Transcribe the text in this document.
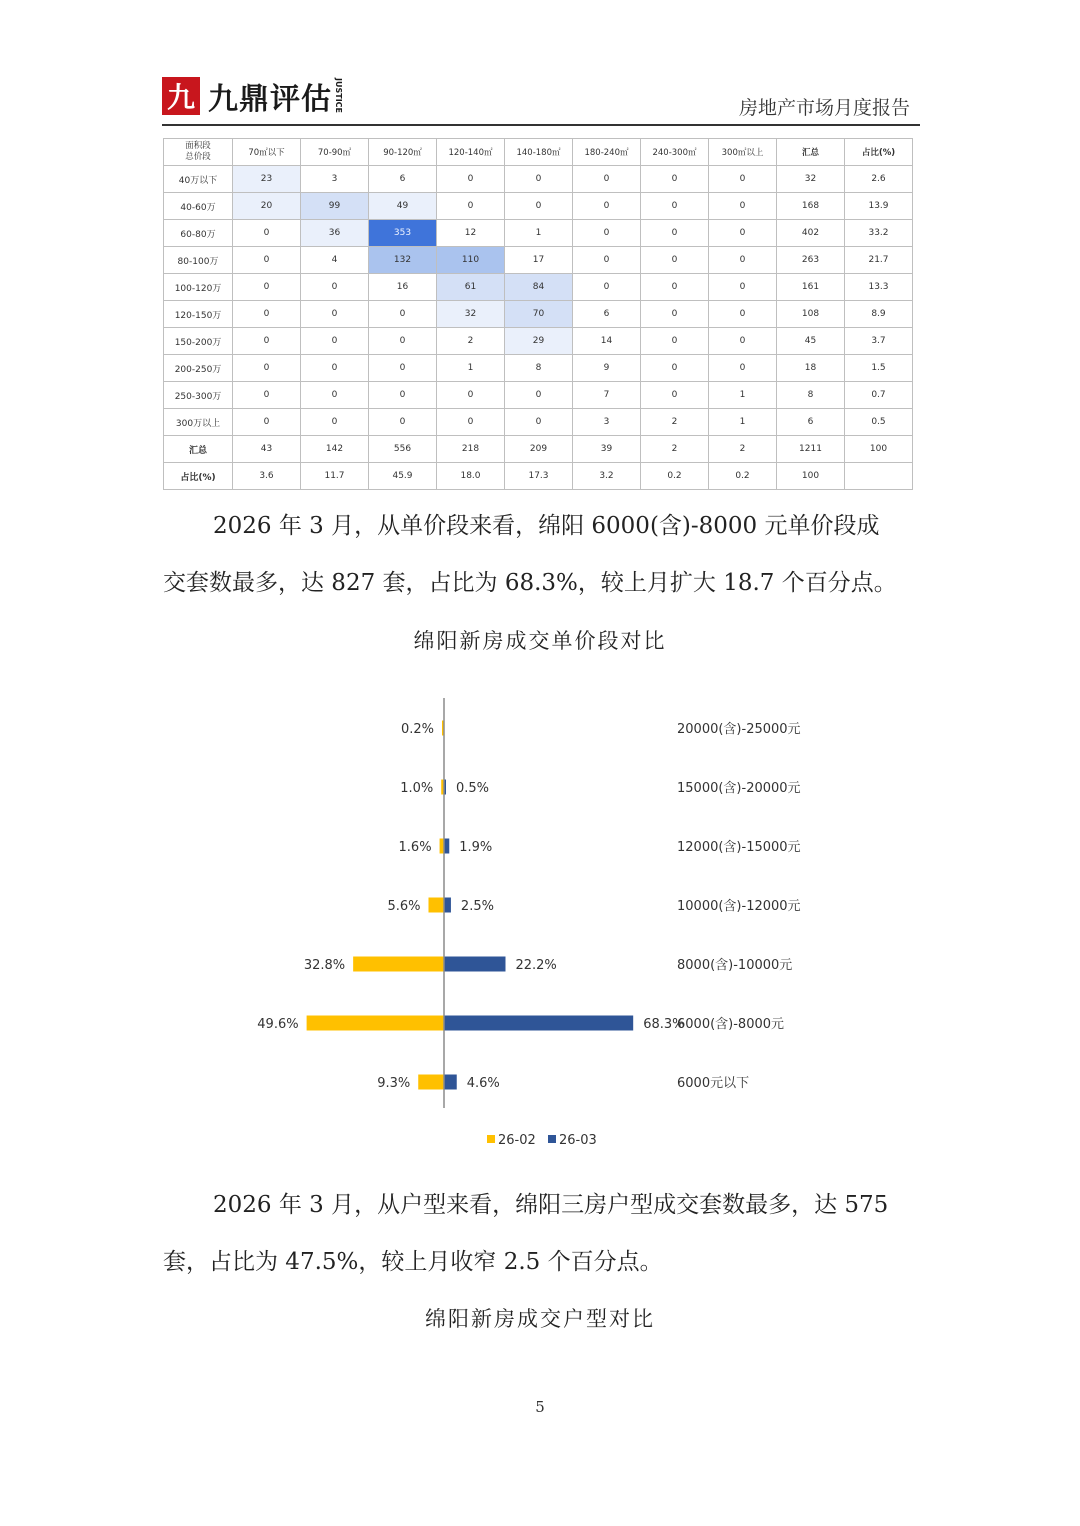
九 九鼎评估 JUSTICE	房地产市场月度报告
面积段
总价段	70㎡以下	70-90㎡	90-120㎡	120-140㎡	140-180㎡	180-240㎡	240-300㎡	300㎡以上	汇总	占比(%)
40万以下	23	3	6	0	0	0	0	0	32	2.6
40-60万	20	99	49	0	0	0	0	0	168	13.9
60-80万	0	36	353	12	1	0	0	0	402	33.2
80-100万	0	4	132	110	17	0	0	0	263	21.7
100-120万	0	0	16	61	84	0	0	0	161	13.3
120-150万	0	0	0	32	70	6	0	0	108	8.9
150-200万	0	0	0	2	29	14	0	0	45	3.7
200-250万	0	0	0	1	8	9	0	0	18	1.5
250-300万	0	0	0	0	0	7	0	1	8	0.7
300万以上	0	0	0	0	0	3	2	1	6	0.5
汇总	43	142	556	218	209	39	2	2	1211	100
占比(%)	3.6	11.7	45.9	18.0	17.3	3.2	0.2	0.2	100	
2026 年 3 月，从单价段来看，绵阳 6000(含)-8000 元单价段成
交套数最多，达 827 套，占比为 68.3%，较上月扩大 18.7 个百分点。
绵阳新房成交单价段对比
0.2%	20000(含)-25000元
1.0% 0.5%	15000(含)-20000元
1.6% 1.9%	12000(含)-15000元
5.6%	2.5%	10000(含)-12000元
32.8%	22.2%	8000(含)-10000元
49.6%	68.3%
6000(含)-8000元
9.3%	4.6%	6000元以下
26-02 26-03
2026 年 3 月，从户型来看，绵阳三房户型成交套数最多，达 575
套，占比为 47.5%，较上月收窄 2.5 个百分点。
绵阳新房成交户型对比
5
